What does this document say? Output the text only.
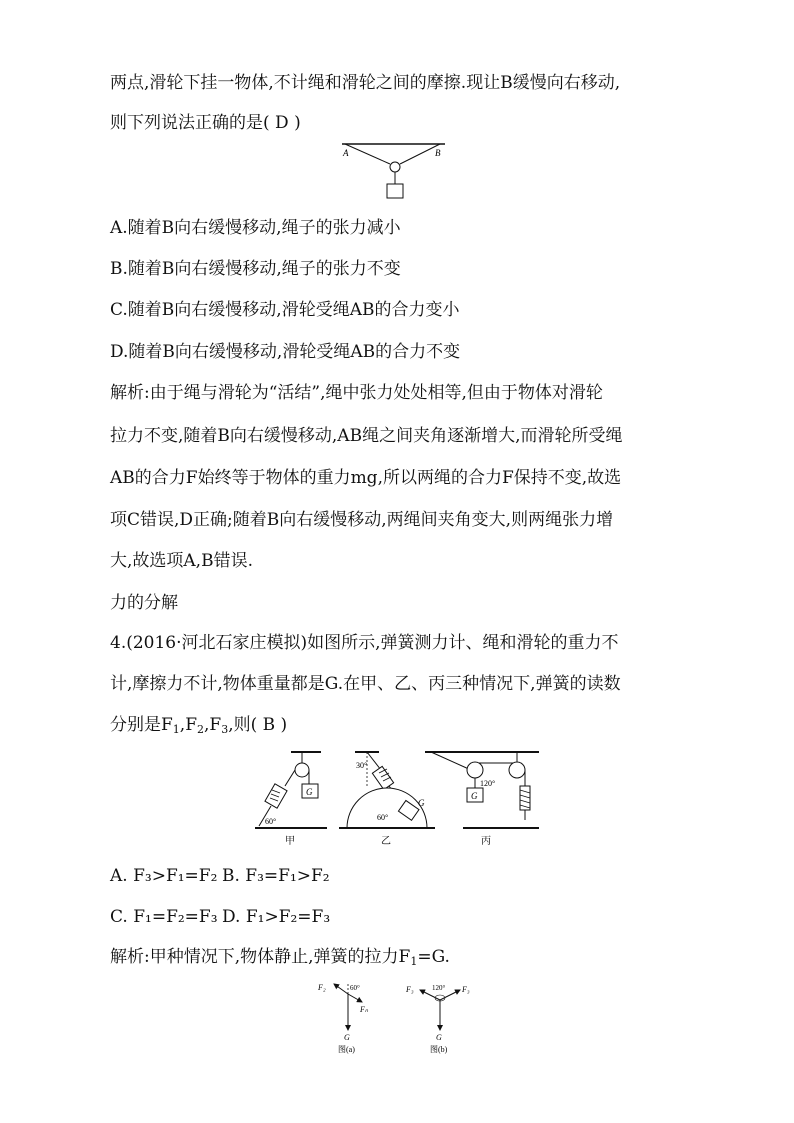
两点,滑轮下挂一物体,不计绳和滑轮之间的摩擦.现让B缓慢向右移动,
则下列说法正确的是( D )
A	B
A.随着B向右缓慢移动,绳子的张力减小
B.随着B向右缓慢移动,绳子的张力不变
C.随着B向右缓慢移动,滑轮受绳AB的合力变小
D.随着B向右缓慢移动,滑轮受绳AB的合力不变
解析:由于绳与滑轮为“活结”,绳中张力处处相等,但由于物体对滑轮
拉力不变,随着B向右缓慢移动,AB绳之间夹角逐渐增大,而滑轮所受绳
AB的合力F始终等于物体的重力mg,所以两绳的合力F保持不变,故选
项C错误,D正确;随着B向右缓慢移动,两绳间夹角变大,则两绳张力增
大,故选项A,B错误.
力的分解
4.(2016·河北石家庄模拟)如图所示,弹簧测力计、绳和滑轮的重力不
计,摩擦力不计,物体重量都是G.在甲、乙、丙三种情况下,弹簧的读数
分别是$F_1,F_2,F_3$,则( B )
G
60°
甲
30°
G
60°
乙
G
120°
丙
A. F₃>F₁=F₂ B. F₃=F₁>F₂
C. F₁=F₂=F₃ D. F₁>F₂=F₃
解析:甲种情况下,物体静止,弹簧的拉力$F_1=G$.
F₂	60°
Fₙ
G
图(a)
F₃	120° F₃
G
图(b)
